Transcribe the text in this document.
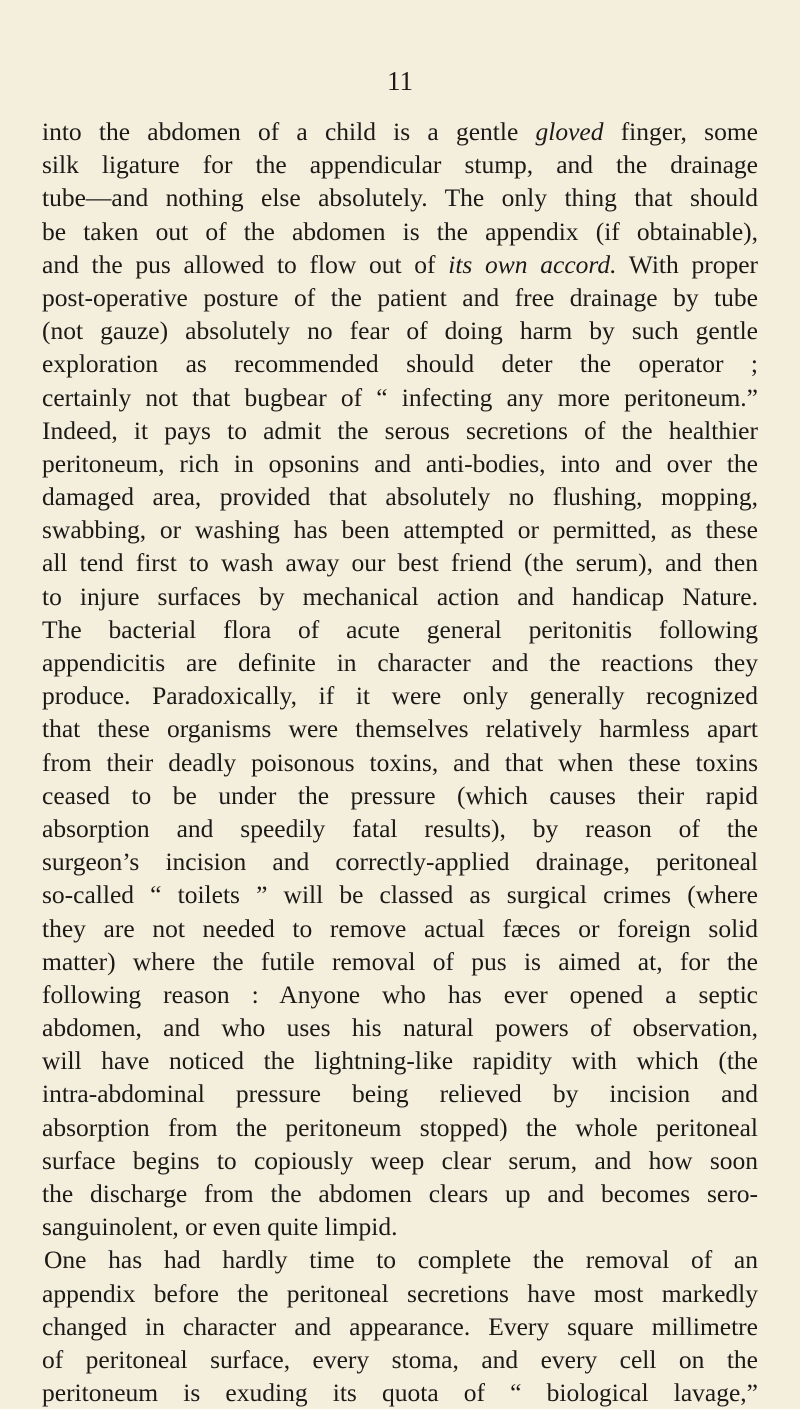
11
into the abdomen of a child is a gentle gloved finger, some
silk ligature for the appendicular stump, and the drainage
tube—and nothing else absolutely. The only thing that should
be taken out of the abdomen is the appendix (if obtainable),
and the pus allowed to flow out of its own accord. With proper
post-operative posture of the patient and free drainage by tube
(not gauze) absolutely no fear of doing harm by such gentle
exploration as recommended should deter the operator ;
certainly not that bugbear of “ infecting any more peritoneum.”
Indeed, it pays to admit the serous secretions of the healthier
peritoneum, rich in opsonins and anti-bodies, into and over the
damaged area, provided that absolutely no flushing, mopping,
swabbing, or washing has been attempted or permitted, as these
all tend first to wash away our best friend (the serum), and then
to injure surfaces by mechanical action and handicap Nature.
The bacterial flora of acute general peritonitis following
appendicitis are definite in character and the reactions they
produce. Paradoxically, if it were only generally recognized
that these organisms were themselves relatively harmless apart
from their deadly poisonous toxins, and that when these toxins
ceased to be under the pressure (which causes their rapid
absorption and speedily fatal results), by reason of the
surgeon’s incision and correctly-applied drainage, peritoneal
so-called “ toilets ” will be classed as surgical crimes (where
they are not needed to remove actual fæces or foreign solid
matter) where the futile removal of pus is aimed at, for the
following reason : Anyone who has ever opened a septic
abdomen, and who uses his natural powers of observation,
will have noticed the lightning-like rapidity with which (the
intra-abdominal pressure being relieved by incision and
absorption from the peritoneum stopped) the whole peritoneal
surface begins to copiously weep clear serum, and how soon
the discharge from the abdomen clears up and becomes sero-
sanguinolent, or even quite limpid.
One has had hardly time to complete the removal of an
appendix before the peritoneal secretions have most markedly
changed in character and appearance. Every square millimetre
of peritoneal surface, every stoma, and every cell on the
peritoneum is exuding its quota of “ biological lavage,”
